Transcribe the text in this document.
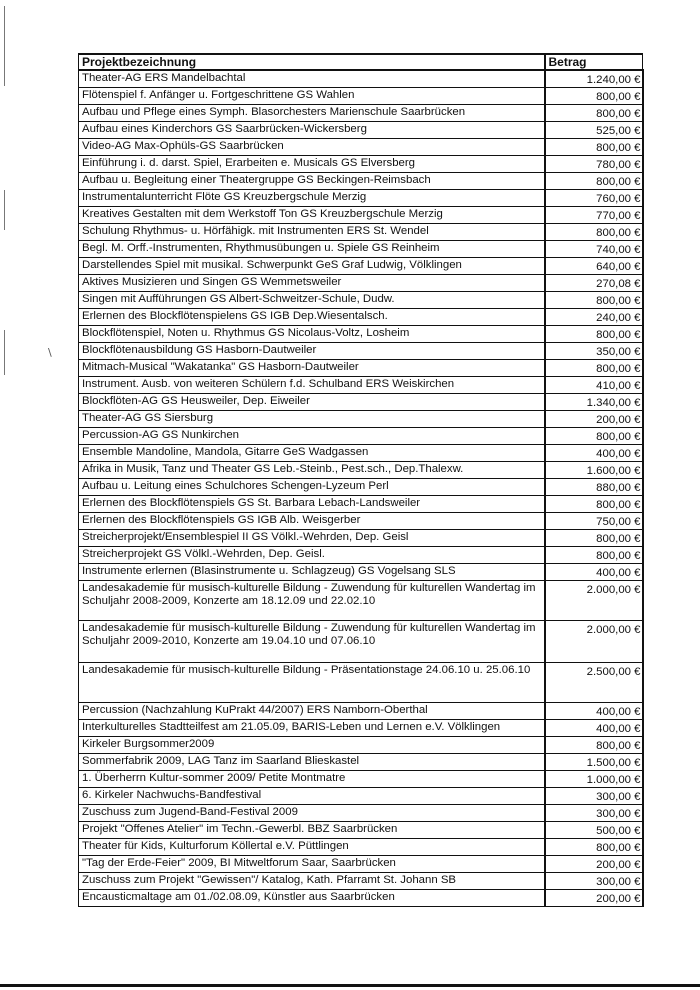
\
Projektbezeichnung	Betrag
Theater-AG ERS Mandelbachtal	1.240,00 €
Flötenspiel f. Anfänger u. Fortgeschrittene GS Wahlen	800,00 €
Aufbau und Pflege eines Symph. Blasorchesters Marienschule Saarbrücken	800,00 €
Aufbau eines Kinderchors GS Saarbrücken-Wickersberg	525,00 €
Video-AG Max-Ophüls-GS Saarbrücken	800,00 €
Einführung i. d. darst. Spiel, Erarbeiten e. Musicals GS Elversberg	780,00 €
Aufbau u. Begleitung einer Theatergruppe GS Beckingen-Reimsbach	800,00 €
Instrumentalunterricht Flöte GS Kreuzbergschule Merzig	760,00 €
Kreatives Gestalten mit dem Werkstoff Ton GS Kreuzbergschule Merzig	770,00 €
Schulung Rhythmus- u. Hörfähigk. mit Instrumenten ERS St. Wendel	800,00 €
Begl. M. Orff.-Instrumenten, Rhythmusübungen u. Spiele GS Reinheim	740,00 €
Darstellendes Spiel mit musikal. Schwerpunkt GeS Graf Ludwig, Völklingen	640,00 €
Aktives Musizieren und Singen GS Wemmetsweiler	270,08 €
Singen mit Aufführungen GS Albert-Schweitzer-Schule, Dudw.	800,00 €
Erlernen des Blockflötenspielens GS IGB Dep.Wiesentalsch.	240,00 €
Blockflötenspiel, Noten u. Rhythmus GS Nicolaus-Voltz, Losheim	800,00 €
Blockflötenausbildung GS Hasborn-Dautweiler	350,00 €
Mitmach-Musical "Wakatanka" GS Hasborn-Dautweiler	800,00 €
Instrument. Ausb. von weiteren Schülern f.d. Schulband ERS Weiskirchen	410,00 €
Blockflöten-AG GS Heusweiler, Dep. Eiweiler	1.340,00 €
Theater-AG GS Siersburg	200,00 €
Percussion-AG GS Nunkirchen	800,00 €
Ensemble Mandoline, Mandola, Gitarre GeS Wadgassen	400,00 €
Afrika in Musik, Tanz und Theater GS Leb.-Steinb., Pest.sch., Dep.Thalexw.	1.600,00 €
Aufbau u. Leitung eines Schulchores Schengen-Lyzeum Perl	880,00 €
Erlernen des Blockflötenspiels GS St. Barbara Lebach-Landsweiler	800,00 €
Erlernen des Blockflötenspiels GS IGB Alb. Weisgerber	750,00 €
Streicherprojekt/Ensemblespiel II GS Völkl.-Wehrden, Dep. Geisl	800,00 €
Streicherprojekt GS Völkl.-Wehrden, Dep. Geisl.	800,00 €
Instrumente erlernen (Blasinstrumente u. Schlagzeug) GS Vogelsang SLS	400,00 €
Landesakademie für musisch-kulturelle Bildung - Zuwendung für kulturellen Wandertag im Schuljahr 2008-2009, Konzerte am 18.12.09 und 22.02.10	2.000,00 €
Landesakademie für musisch-kulturelle Bildung - Zuwendung für kulturellen Wandertag im Schuljahr 2009-2010, Konzerte am 19.04.10 und 07.06.10	2.000,00 €
Landesakademie für musisch-kulturelle Bildung - Präsentationstage 24.06.10 u. 25.06.10	2.500,00 €
Percussion (Nachzahlung KuPrakt 44/2007) ERS Namborn-Oberthal	400,00 €
Interkulturelles Stadtteilfest am 21.05.09, BARIS-Leben und Lernen e.V. Völklingen	400,00 €
Kirkeler Burgsommer2009	800,00 €
Sommerfabrik 2009, LAG Tanz im Saarland Blieskastel	1.500,00 €
1. Überherrn Kultur-sommer 2009/ Petite Montmatre	1.000,00 €
6. Kirkeler Nachwuchs-Bandfestival	300,00 €
Zuschuss zum Jugend-Band-Festival 2009	300,00 €
Projekt "Offenes Atelier" im Techn.-Gewerbl. BBZ Saarbrücken	500,00 €
Theater für Kids, Kulturforum Köllertal e.V. Püttlingen	800,00 €
"Tag der Erde-Feier" 2009, BI Mitweltforum Saar, Saarbrücken	200,00 €
Zuschuss zum Projekt "Gewissen"/ Katalog, Kath. Pfarramt St. Johann SB	300,00 €
Encausticmaltage am 01./02.08.09, Künstler aus Saarbrücken	200,00 €
